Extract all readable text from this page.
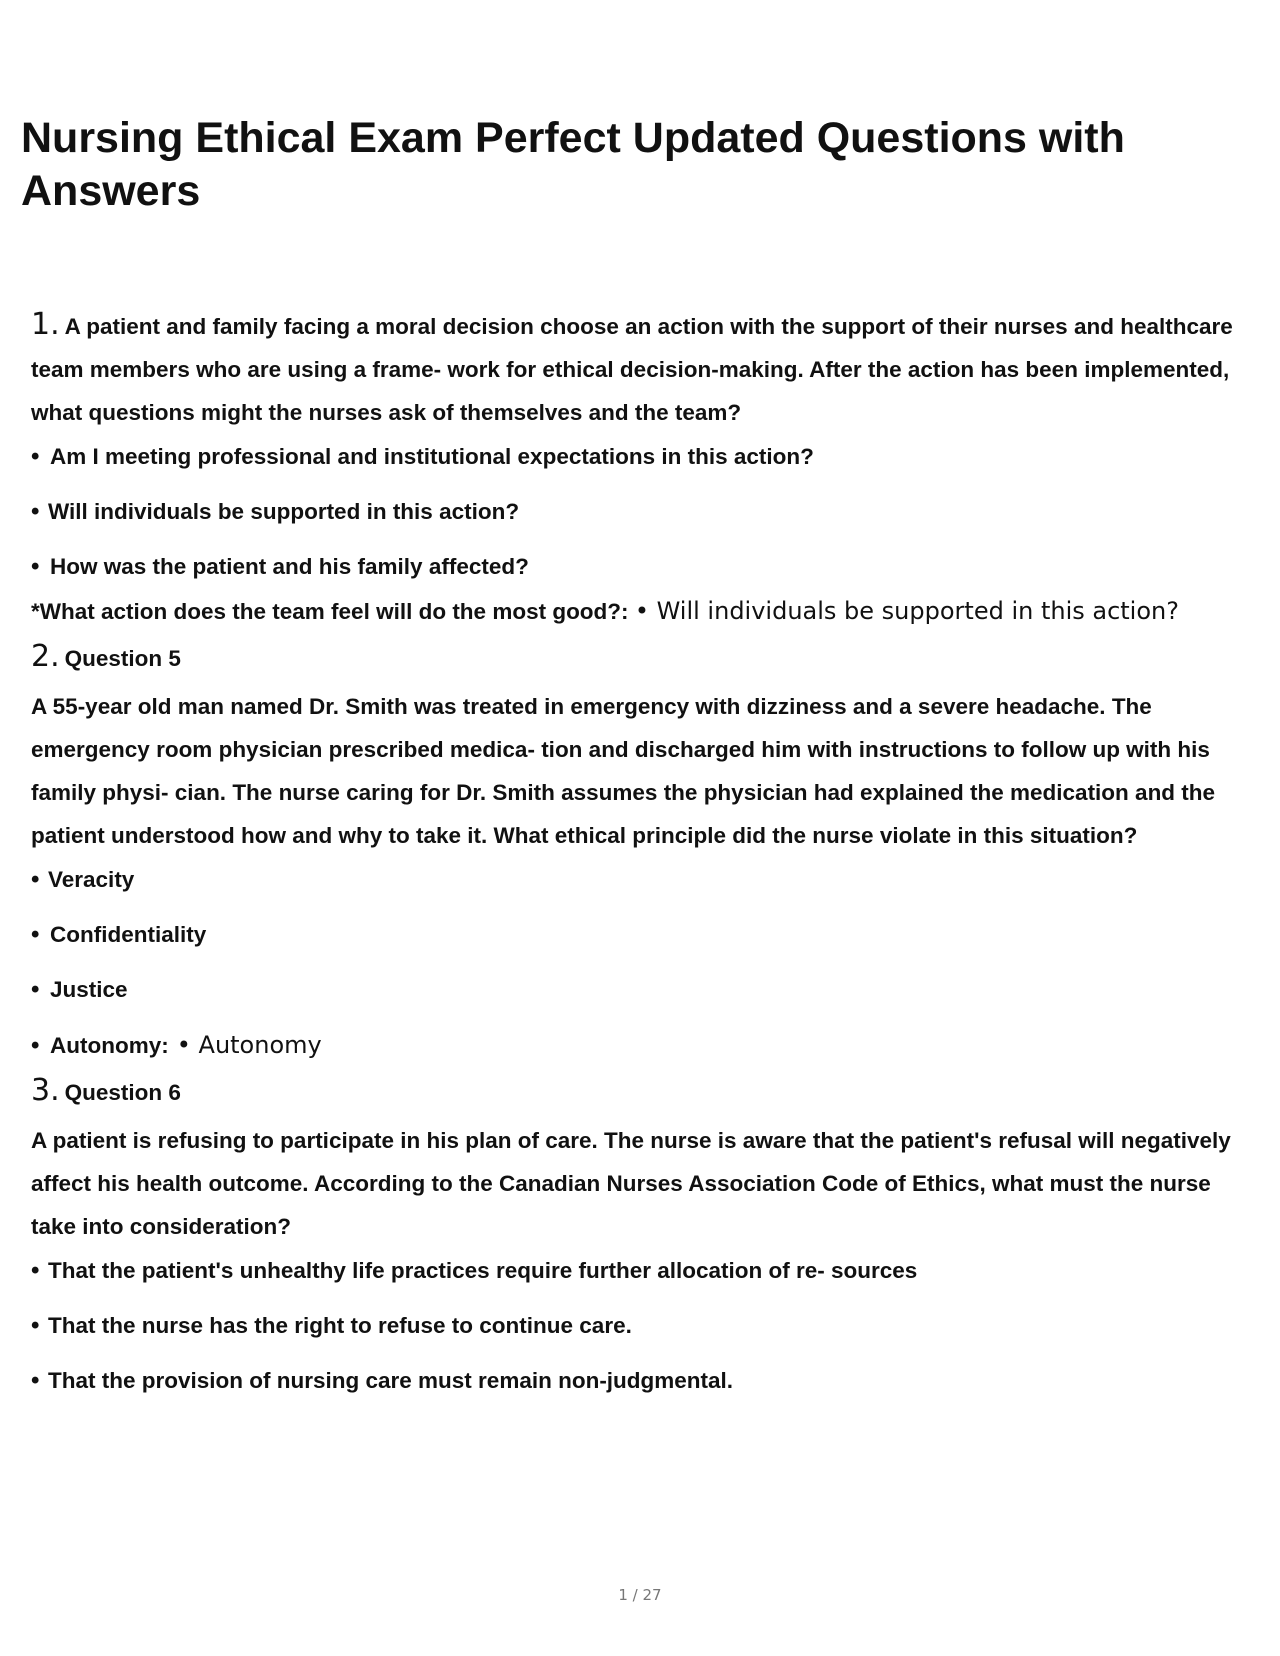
Nursing Ethical Exam Perfect Updated Questions with Answers
1. A patient and family facing a moral decision choose an action with the support of their nurses and healthcare team members who are using a frame- work for ethical decision-making. After the action has been implemented, what questions might the nurses ask of themselves and the team?
• Am I meeting professional and institutional expectations in this action?
• Will individuals be supported in this action?
• How was the patient and his family affected?
*What action does the team feel will do the most good?: • Will individuals be supported in this action?
2. Question 5
A 55-year old man named Dr. Smith was treated in emergency with dizziness and a severe headache. The emergency room physician prescribed medica- tion and discharged him with instructions to follow up with his family physi- cian. The nurse caring for Dr. Smith assumes the physician had explained the medication and the patient understood how and why to take it. What ethical principle did the nurse violate in this situation?
• Veracity
• Confidentiality
• Justice
• Autonomy: • Autonomy
3. Question 6
A patient is refusing to participate in his plan of care. The nurse is aware that the patient's refusal will negatively affect his health outcome. According to the Canadian Nurses Association Code of Ethics, what must the nurse take into consideration?
• That the patient's unhealthy life practices require further allocation of re- sources
• That the nurse has the right to refuse to continue care.
• That the provision of nursing care must remain non-judgmental.
1 / 27
